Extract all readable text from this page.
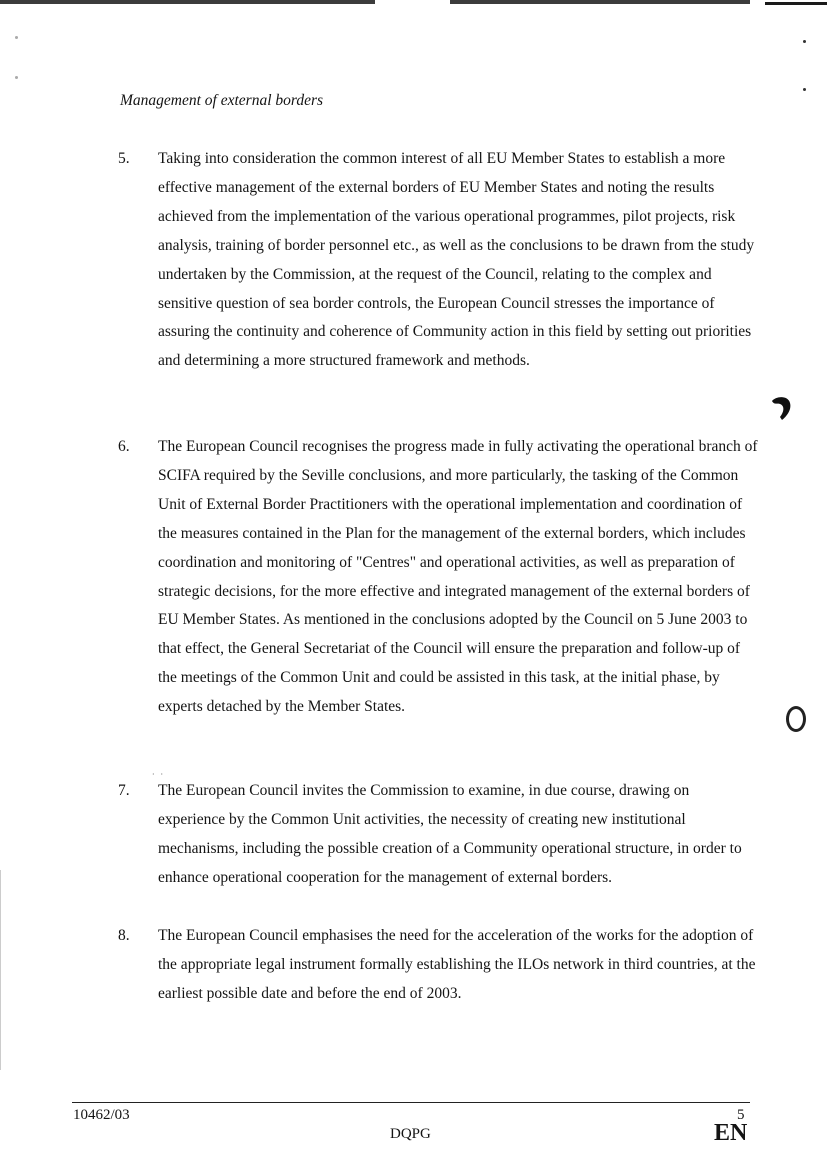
Management of external borders
5.	Taking into consideration the common interest of all EU Member States to establish a more effective management of the external borders of EU Member States and noting the results achieved from the implementation of the various operational programmes, pilot projects, risk analysis, training of border personnel etc., as well as the conclusions to be drawn from the study undertaken by the Commission, at the request of the Council, relating to the complex and sensitive question of sea border controls, the European Council stresses the importance of assuring the continuity and coherence of Community action in this field by setting out priorities and determining a more structured framework and methods.
6.	The European Council recognises the progress made in fully activating the operational branch of SCIFA required by the Seville conclusions, and more particularly, the tasking of the Common Unit of External Border Practitioners with the operational implementation and coordination of the measures contained in the Plan for the management of the external borders, which includes coordination and monitoring of "Centres" and operational activities, as well as preparation of strategic decisions, for the more effective and integrated management of the external borders of EU Member States. As mentioned in the conclusions adopted by the Council on 5 June 2003 to that effect, the General Secretariat of the Council will ensure the preparation and follow-up of the meetings of the Common Unit and could be assisted in this task, at the initial phase, by experts detached by the Member States.
7.	The European Council invites the Commission to examine, in due course, drawing on experience by the Common Unit activities, the necessity of creating new institutional mechanisms, including the possible creation of a Community operational structure, in order to enhance operational cooperation for the management of external borders.
8.	The European Council emphasises the need for the acceleration of the works for the adoption of the appropriate legal instrument formally establishing the ILOs network in third countries, at the earliest possible date and before the end of 2003.
‧‧
10462/03	5
DQPG	EN
